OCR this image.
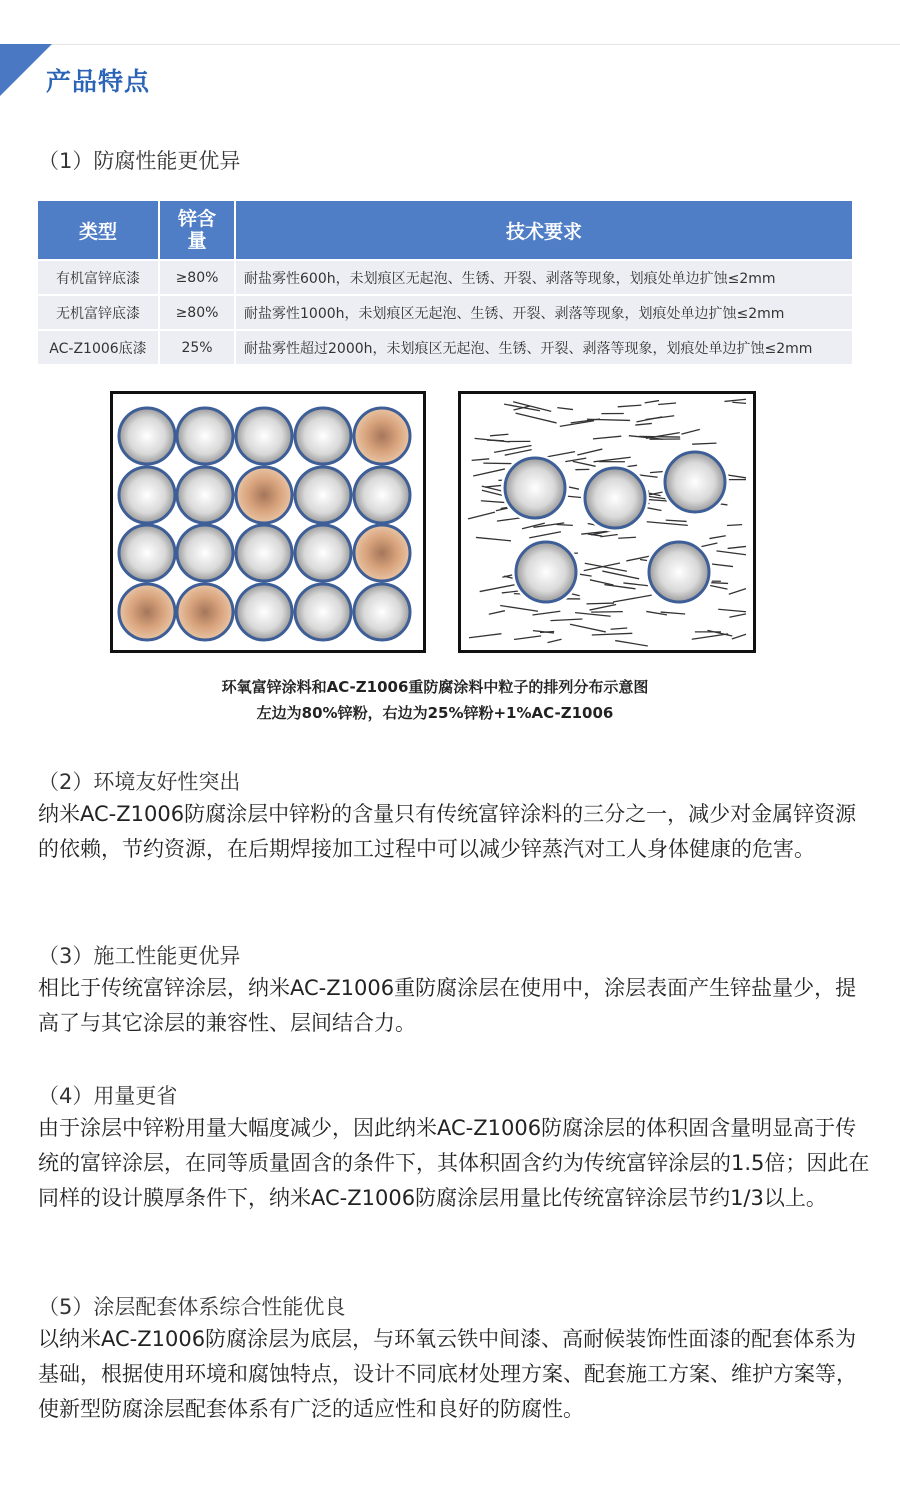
产品特点
（1）防腐性能更优异
类型	锌含量	技术要求
有机富锌底漆	≥80%	耐盐雾性600h，未划痕区无起泡、生锈、开裂、剥落等现象，划痕处单边扩蚀≤2mm
无机富锌底漆	≥80%	耐盐雾性1000h，未划痕区无起泡、生锈、开裂、剥落等现象，划痕处单边扩蚀≤2mm
AC-Z1006底漆	25%	耐盐雾性超过2000h，未划痕区无起泡、生锈、开裂、剥落等现象，划痕处单边扩蚀≤2mm
环氧富锌涂料和AC-Z1006重防腐涂料中粒子的排列分布示意图
左边为80%锌粉，右边为25%锌粉+1%AC-Z1006
（2）环境友好性突出

纳米AC-Z1006防腐涂层中锌粉的含量只有传统富锌涂料的三分之一，减少对金属锌资源的依赖，节约资源，在后期焊接加工过程中可以减少锌蒸汽对工人身体健康的危害。

（3）施工性能更优异

相比于传统富锌涂层，纳米AC-Z1006重防腐涂层在使用中，涂层表面产生锌盐量少，提高了与其它涂层的兼容性、层间结合力。

（4）用量更省

由于涂层中锌粉用量大幅度减少，因此纳米AC-Z1006防腐涂层的体积固含量明显高于传统的富锌涂层，在同等质量固含的条件下，其体积固含约为传统富锌涂层的1.5倍；因此在同样的设计膜厚条件下，纳米AC-Z1006防腐涂层用量比传统富锌涂层节约1/3以上。

（5）涂层配套体系综合性能优良

以纳米AC-Z1006防腐涂层为底层，与环氧云铁中间漆、高耐候装饰性面漆的配套体系为基础，根据使用环境和腐蚀特点，设计不同底材处理方案、配套施工方案、维护方案等，使新型防腐涂层配套体系有广泛的适应性和良好的防腐性。
